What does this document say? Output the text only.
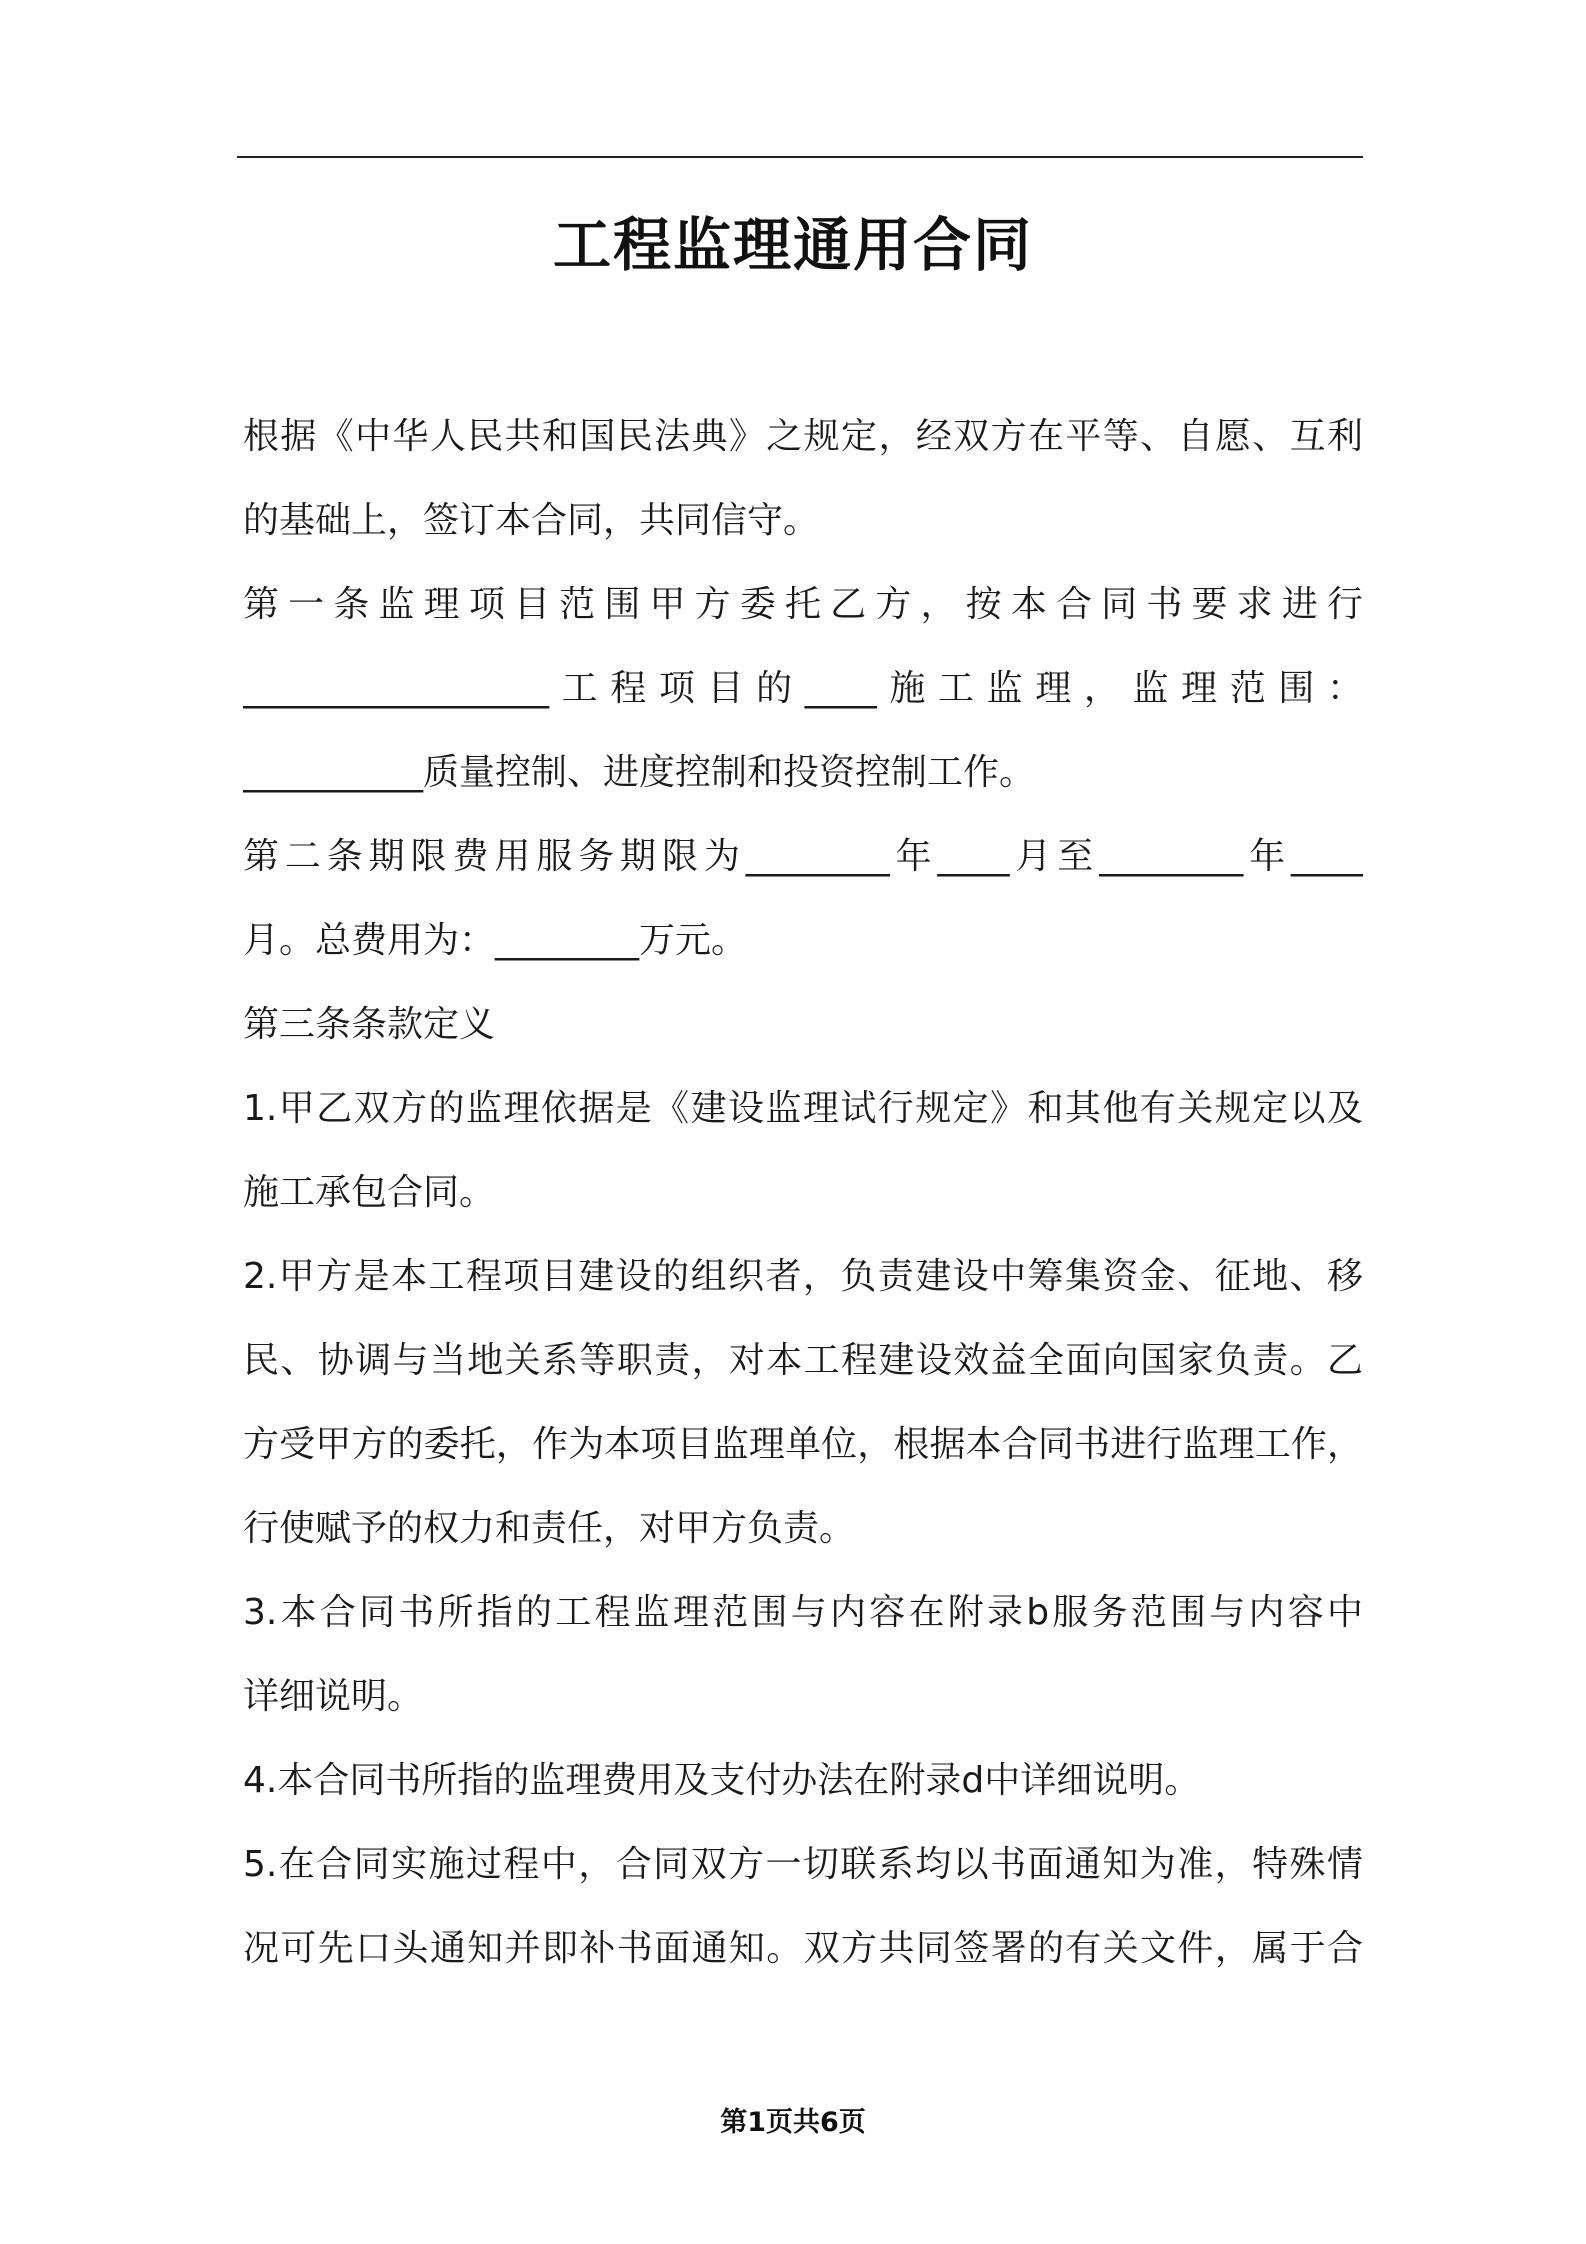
工程监理通用合同
根据《中华人民共和国民法典》之规定，经双方在平等、自愿、互利
的基础上，签订本合同，共同信守。
第一条监理项目范围甲方委托乙方，按本合同书要求进行
_________________工程项目的____施工监理，监理范围：
__________质量控制、进度控制和投资控制工作。
第二条期限费用服务期限为________年____月至________年____
月。总费用为：________万元。
第三条条款定义
1.甲乙双方的监理依据是《建设监理试行规定》和其他有关规定以及
施工承包合同。
2.甲方是本工程项目建设的组织者，负责建设中筹集资金、征地、移
民、协调与当地关系等职责，对本工程建设效益全面向国家负责。乙
方受甲方的委托，作为本项目监理单位，根据本合同书进行监理工作，
行使赋予的权力和责任，对甲方负责。
3.本合同书所指的工程监理范围与内容在附录b服务范围与内容中
详细说明。
4.本合同书所指的监理费用及支付办法在附录d中详细说明。
5.在合同实施过程中，合同双方一切联系均以书面通知为准，特殊情
况可先口头通知并即补书面通知。双方共同签署的有关文件，属于合
第1页共6页
